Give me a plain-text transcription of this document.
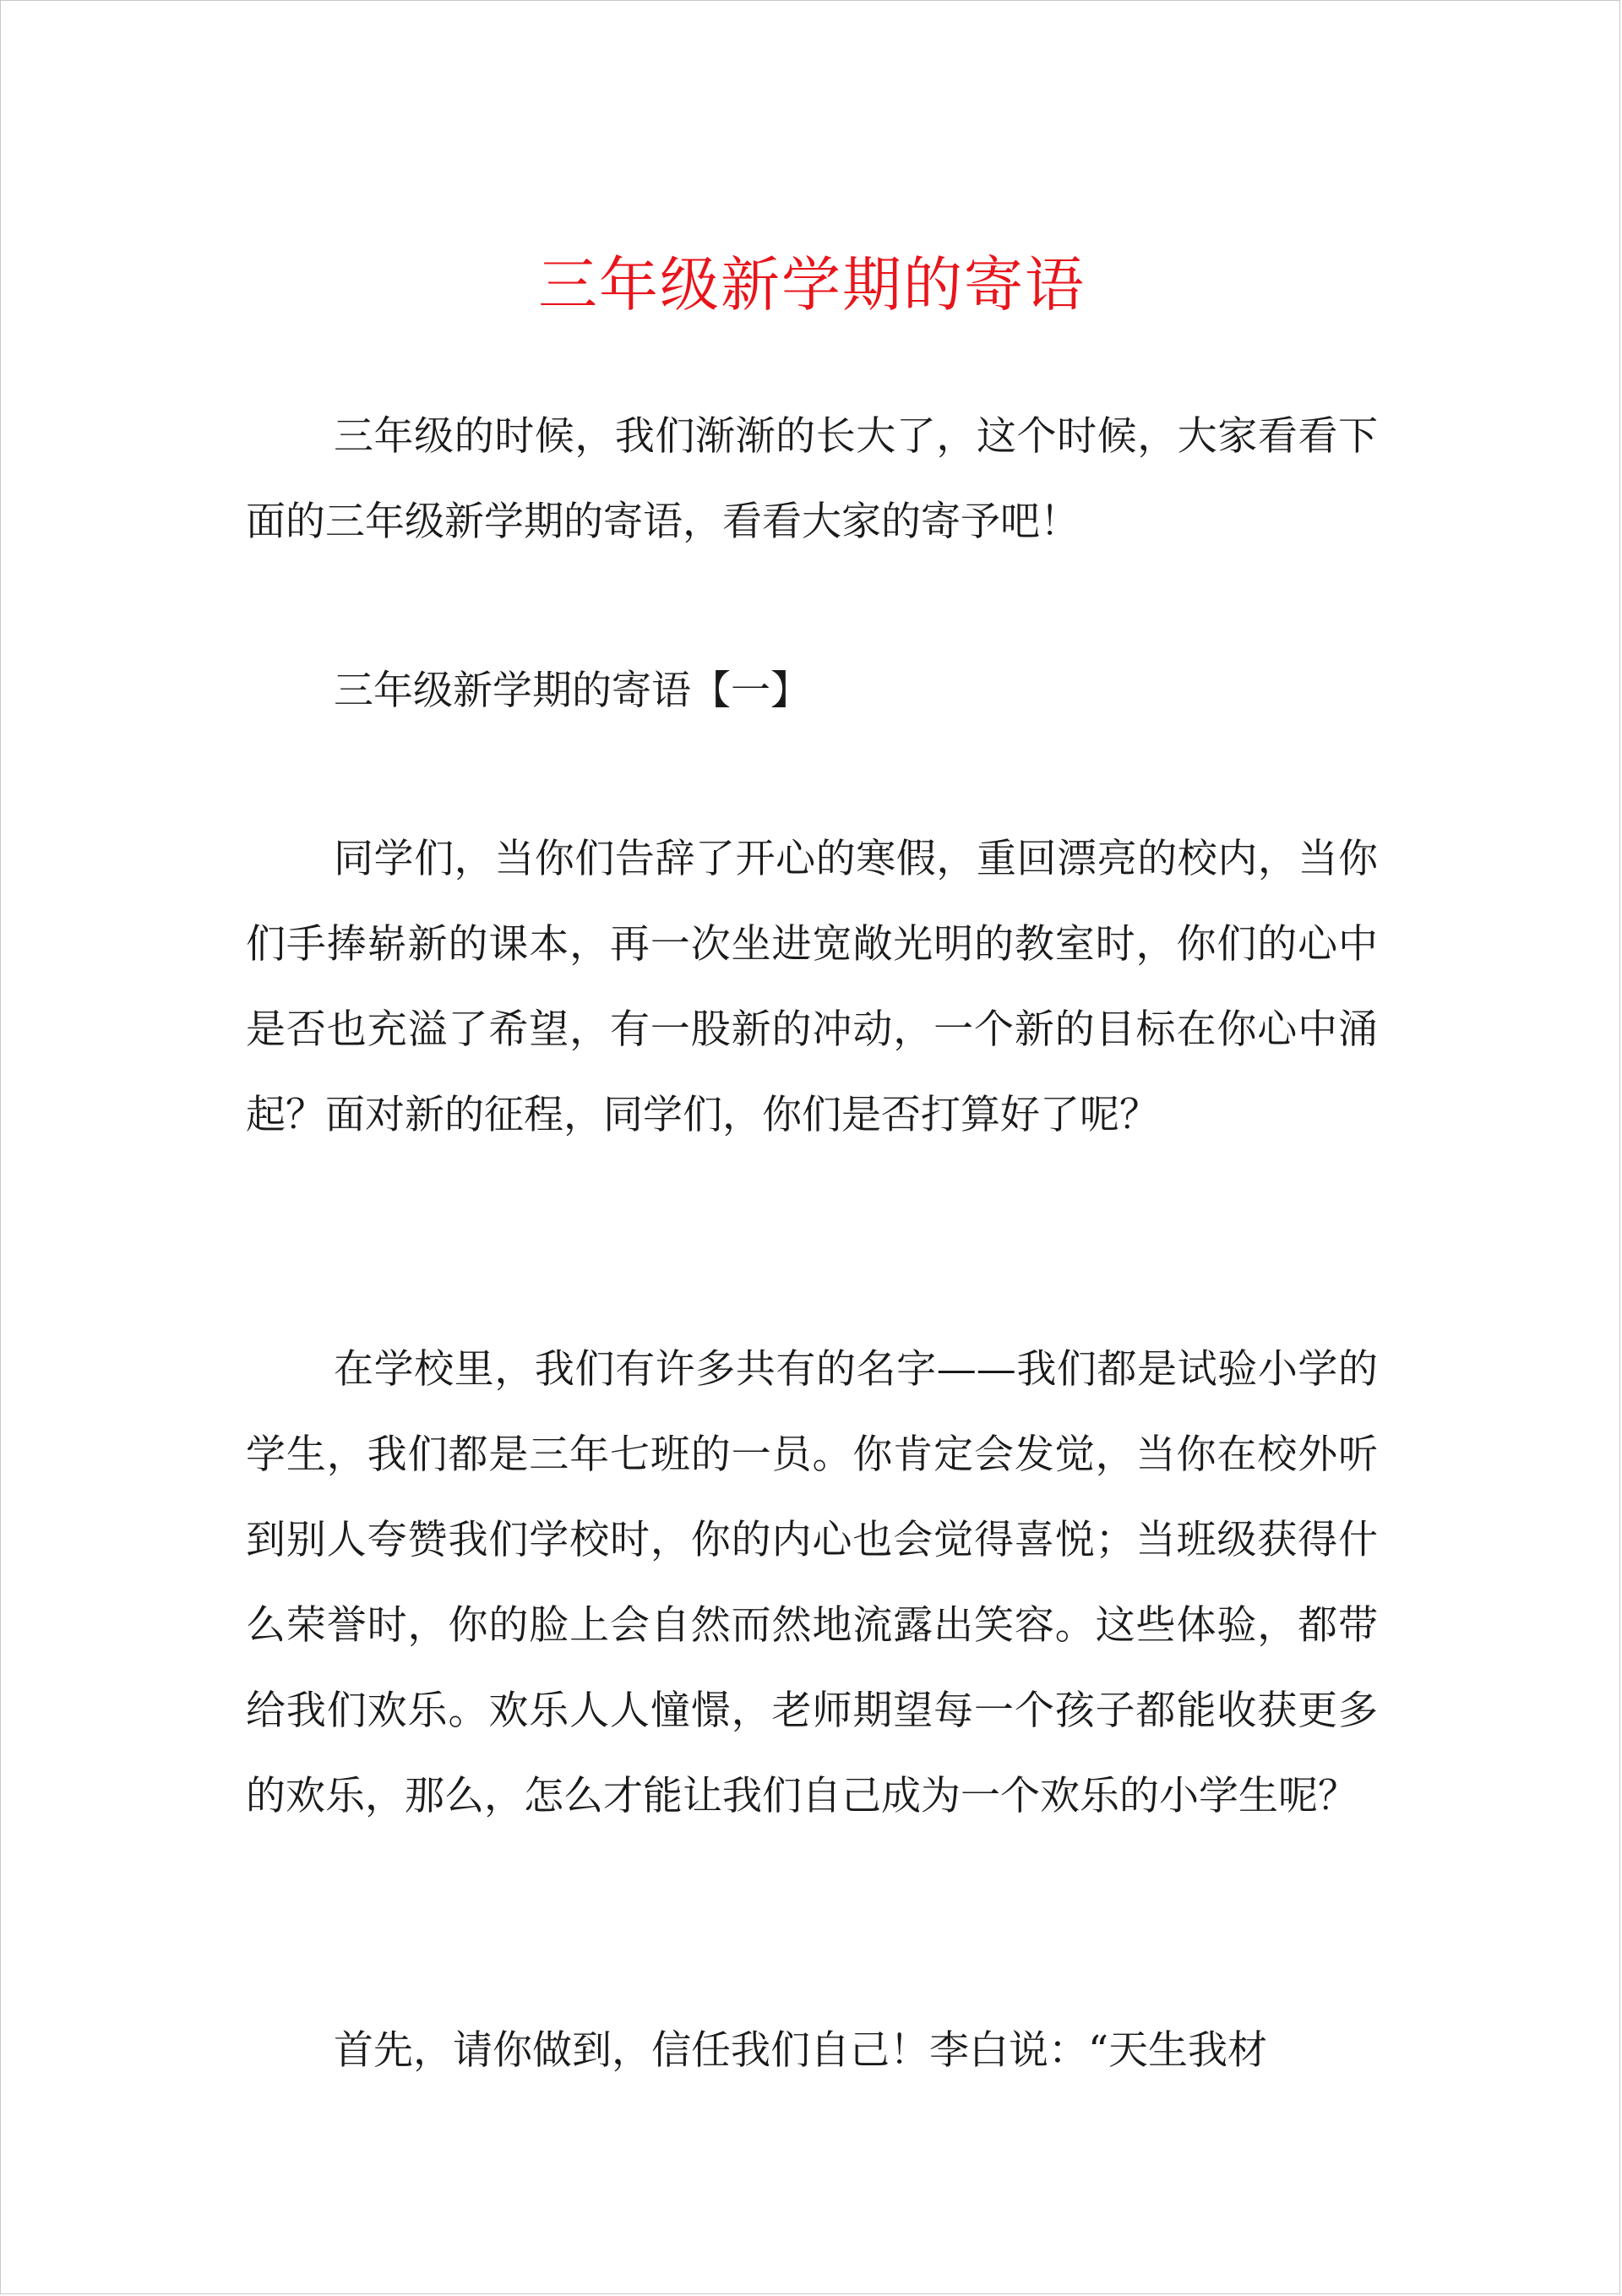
三年级新学期的寄语

三年级的时候，我们渐渐的长大了，这个时候，大家看看下面的三年级新学期的寄语，看看大家的寄予吧！

三年级新学期的寄语【一】

同学们，当你们告辞了开心的寒假，重回漂亮的校内，当你们手捧崭新的课本，再一次坐进宽敞光明的教室时，你们的心中是否也充溢了希望，有一股新的冲动，一个新的目标在你心中涌起？面对新的征程，同学们，你们是否打算好了呢？

在学校里，我们有许多共有的名字——我们都是试验小学的学生，我们都是三年七班的一员。你肯定会发觉，当你在校外听到别人夸赞我们学校时，你的内心也会觉得喜悦；当班级获得什么荣誉时，你的脸上会自然而然地流露出笑容。这些体验，都带给我们欢乐。欢乐人人憧憬，老师期望每一个孩子都能收获更多的欢乐，那么，怎么才能让我们自己成为一个欢乐的小学生呢？

首先，请你做到，信任我们自己！李白说：“天生我材
